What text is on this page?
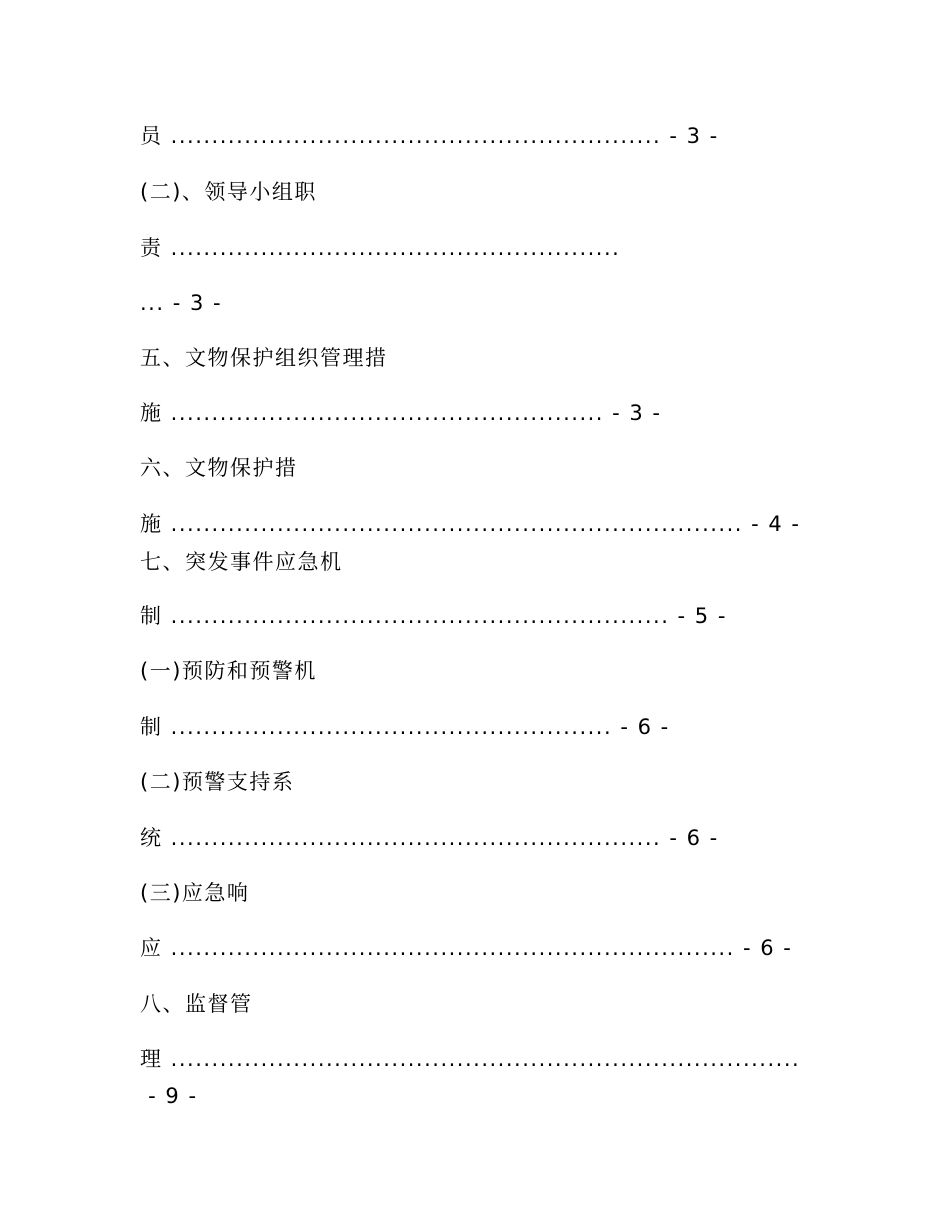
员 ............................................................ - 3 -
(二)、领导小组职
责 .......................................................
... - 3 -
五、文物保护组织管理措
施 ..................................................... - 3 -
六、文物保护措
施 ...................................................................... - 4 -
七、突发事件应急机
制 ............................................................. - 5 -
(一)预防和预警机
制 ...................................................... - 6 -
(二)预警支持系
统 ............................................................ - 6 -
(三)应急响
应 ..................................................................... - 6 -
八、监督管
理 .............................................................................
- 9 -
